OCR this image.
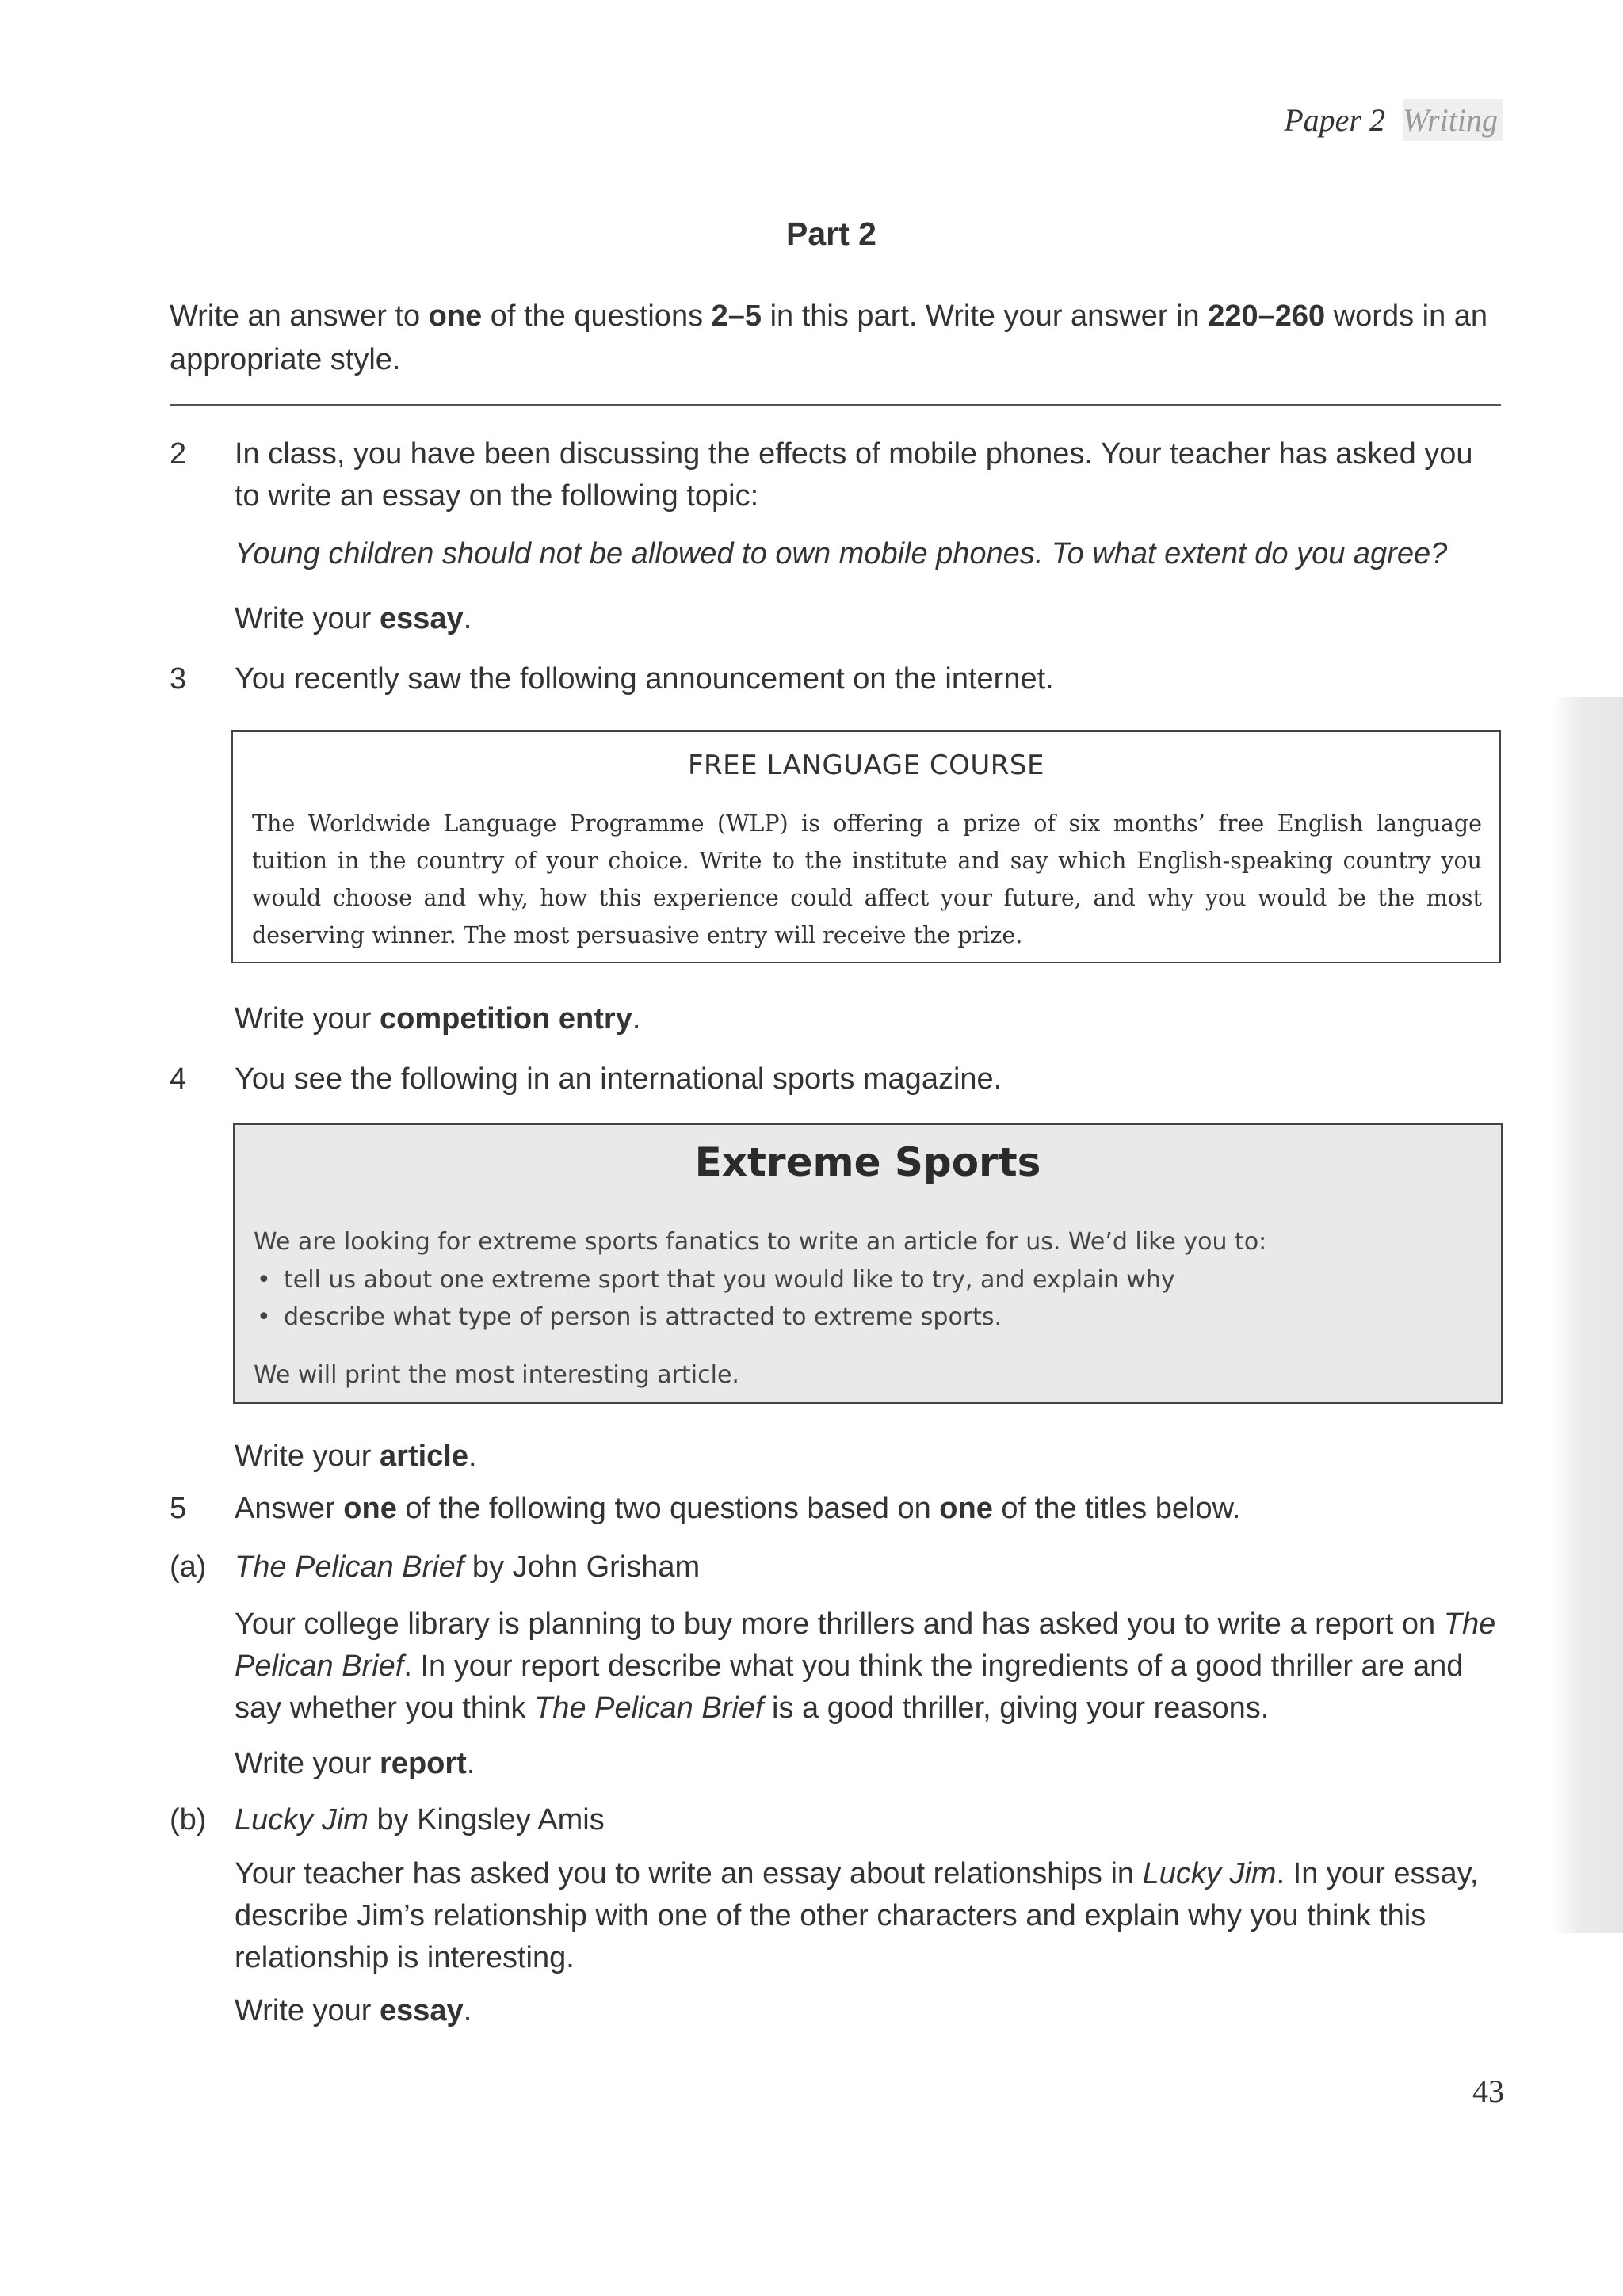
Paper 2 Writing
Part 2
Write an answer to one of the questions 2–5 in this part. Write your answer in 220–260 words in an appropriate style.
2	In class, you have been discussing the effects of mobile phones. Your teacher has asked you to write an essay on the following topic:
Young children should not be allowed to own mobile phones. To what extent do you agree?
Write your essay.
3	You recently saw the following announcement on the internet.
FREE LANGUAGE COURSE
The Worldwide Language Programme (WLP) is offering a prize of six months’ free English language tuition in the country of your choice. Write to the institute and say which English-speaking country you would choose and why, how this experience could affect your future, and why you would be the most deserving winner. The most persuasive entry will receive the prize.
Write your competition entry.
4	You see the following in an international sports magazine.
Extreme Sports
We are looking for extreme sports fanatics to write an article for us. We’d like you to:
• tell us about one extreme sport that you would like to try, and explain why
• describe what type of person is attracted to extreme sports.
We will print the most interesting article.
Write your article.
5	Answer one of the following two questions based on one of the titles below.
(a) The Pelican Brief by John Grisham
Your college library is planning to buy more thrillers and has asked you to write a report on The Pelican Brief. In your report describe what you think the ingredients of a good thriller are and say whether you think The Pelican Brief is a good thriller, giving your reasons.
Write your report.
(b) Lucky Jim by Kingsley Amis
Your teacher has asked you to write an essay about relationships in Lucky Jim. In your essay, describe Jim’s relationship with one of the other characters and explain why you think this relationship is interesting.
Write your essay.
43
